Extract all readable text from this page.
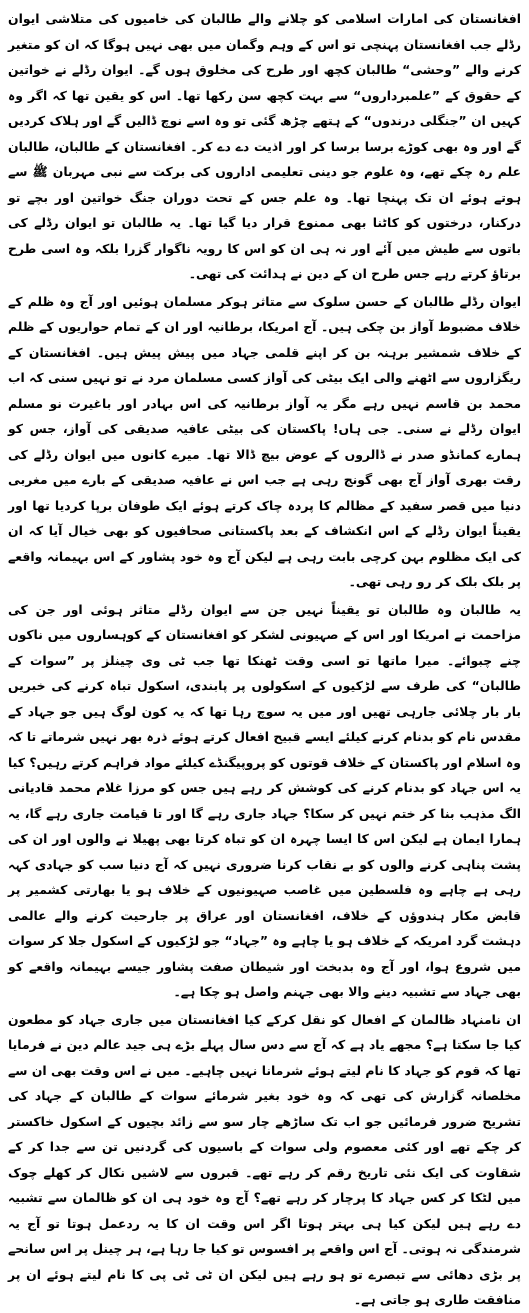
افغانستان کی امارات اسلامی کو چلانے والے طالبان کی خامیوں کی متلاشی ایوان رڈلے جب افغانستان پہنچی تو اس کے وہم وگمان میں بھی نہیں ہوگا کہ ان کو متغیر کرنے والے ”وحشی“ طالبان کچھ اور طرح کی مخلوق ہوں گے۔ ایوان رڈلے نے خواتین کے حقوق کے ”علمبرداروں“ سے بہت کچھ سن رکھا تھا۔ اس کو یقین تھا کہ اگر وہ کہیں ان ”جنگلی درندوں“ کے ہتھے چڑھ گئی تو وہ اسے نوچ ڈالیں گے اور ہلاک کردیں گے اور وہ بھی کوڑے برسا برسا کر اور اذیت دے دے کر۔ افغانستان کے طالبان، طالبان علم رہ چکے تھے، وہ علوم جو دینی تعلیمی اداروں کی برکت سے نبی مہربان ﷺ سے ہوتے ہوئے ان تک پہنچا تھا۔ وہ علم جس کے تحت دوران جنگ خواتین اور بچے تو درکنار، درختوں کو کاٹنا بھی ممنوع قرار دیا گیا تھا۔ یہ طالبان تو ایوان رڈلے کی باتوں سے طیش میں آئے اور نہ ہی ان کو اس کا رویہ ناگوار گزرا بلکہ وہ اسی طرح برتاؤ کرتے رہے جس طرح ان کے دین نے ہدائت کی تھی۔

ایوان رڈلے طالبان کے حسن سلوک سے متاثر ہوکر مسلمان ہوئیں اور آج وہ ظلم کے خلاف مضبوط آواز بن چکی ہیں۔ آج امریکا، برطانیہ اور ان کے تمام حواریوں کے ظلم کے خلاف شمشیر برہنہ بن کر اپنے قلمی جہاد میں پیش پیش ہیں۔ افغانستان کے ریگزاروں سے اٹھنے والی ایک بیٹی کی آواز کسی مسلمان مرد نے تو نہیں سنی کہ اب محمد بن قاسم نہیں رہے مگر یہ آواز برطانیہ کی اس بہادر اور باغیرت نو مسلم ایوان رڈلے نے سنی۔ جی ہاں! پاکستان کی بیٹی عافیہ صدیقی کی آواز، جس کو ہمارے کمانڈو صدر نے ڈالروں کے عوض بیچ ڈالا تھا۔ میرے کانوں میں ایوان رڈلے کی رقت بھری آواز آج بھی گونج رہی ہے جب اس نے عافیہ صدیقی کے بارے میں مغربی دنیا میں قصر سفید کے مظالم کا پردہ چاک کرتے ہوئے ایک طوفان برپا کردیا تھا اور یقیناً ایوان رڈلے کے اس انکشاف کے بعد پاکستانی صحافیوں کو بھی خیال آیا کہ ان کی ایک مظلوم بہن کرچی بابت رہی ہے لیکن آج وہ خود پشاور کے اس بہیمانہ واقعے پر بلک بلک کر رو رہی تھی۔

یہ طالبان وہ طالبان تو یقیناً نہیں جن سے ایوان رڈلے متاثر ہوئی اور جن کی مزاحمت نے امریکا اور اس کے صہیونی لشکر کو افغانستان کے کوہساروں میں ناکوں چنے چبوائے۔ میرا ماتھا تو اسی وقت ٹھنکا تھا جب ٹی وی چینلز پر ”سوات کے طالبان“ کی طرف سے لڑکیوں کے اسکولوں پر پابندی، اسکول تباہ کرنے کی خبریں بار بار چلائی جارہی تھیں اور میں یہ سوچ رہا تھا کہ یہ کون لوگ ہیں جو جہاد کے مقدس نام کو بدنام کرنے کیلئے ایسے قبیح افعال کرتے ہوئے ذرہ بھر نہیں شرماتے تا کہ وہ اسلام اور پاکستان کے خلاف قوتوں کو پروپیگنڈے کیلئے مواد فراہم کرتے رہیں؟ کیا یہ اس جہاد کو بدنام کرنے کی کوشش کر رہے ہیں جس کو مرزا غلام محمد قادیانی الگ مذہب بنا کر ختم نہیں کر سکا؟ جہاد جاری رہے گا اور تا قیامت جاری رہے گا، یہ ہمارا ایمان ہے لیکن اس کا ایسا چہرہ ان کو تباہ کرتا بھی پھیلا نے والوں اور ان کی پشت پناہی کرنے والوں کو بے نقاب کرنا ضروری نہیں کہ آج دنیا سب کو جہادی کہہ رہی ہے چاہے وہ فلسطین میں غاصب صہیونیوں کے خلاف ہو یا بھارتی کشمیر پر قابض مکار ہندوؤں کے خلاف، افغانستان اور عراق پر جارحیت کرنے والے عالمی دہشت گرد امریکہ کے خلاف ہو یا چاہے وہ ”جہاد“ جو لڑکیوں کے اسکول جلا کر سوات میں شروع ہوا، اور آج وہ بدبخت اور شیطان صفت پشاور جیسے بہیمانہ واقعے کو بھی جہاد سے تشبیہ دینے والا بھی جہنم واصل ہو چکا ہے۔

ان نامنہاد ظالمان کے افعال کو نقل کرکے کیا افغانستان میں جاری جہاد کو مطعون کیا جا سکتا ہے؟ مجھے یاد ہے کہ آج سے دس سال پہلے بڑے ہی جید عالم دین نے فرمایا تھا کہ قوم کو جہاد کا نام لیتے ہوئے شرمانا نہیں چاہیے۔ میں نے اس وقت بھی ان سے مخلصانہ گزارش کی تھی کہ وہ خود بغیر شرمائے سوات کے طالبان کے جہاد کی تشریح ضرور فرمائیں جو اب تک ساڑھے چار سو سے زائد بچیوں کے اسکول خاکستر کر چکے تھے اور کئی معصوم ولی سوات کے باسیوں کی گردنیں تن سے جدا کر کے شقاوت کی ایک نئی تاریخ رقم کر رہے تھے۔ قبروں سے لاشیں نکال کر کھلے چوک میں لٹکا کر کس جہاد کا پرچار کر رہے تھے؟ آج وہ خود ہی ان کو ظالمان سے تشبیہ دے رہے ہیں لیکن کیا ہی بہتر ہوتا اگر اس وقت ان کا یہ ردعمل ہوتا تو آج یہ شرمندگی نہ ہوتی۔ آج اس واقعے پر افسوس تو کیا جا رہا ہے، ہر چینل پر اس سانحے پر بڑی دھائی سے تبصرے تو ہو رہے ہیں لیکن ان ٹی ٹی پی کا نام لیتے ہوئے ان پر منافقت طاری ہو جاتی ہے۔
